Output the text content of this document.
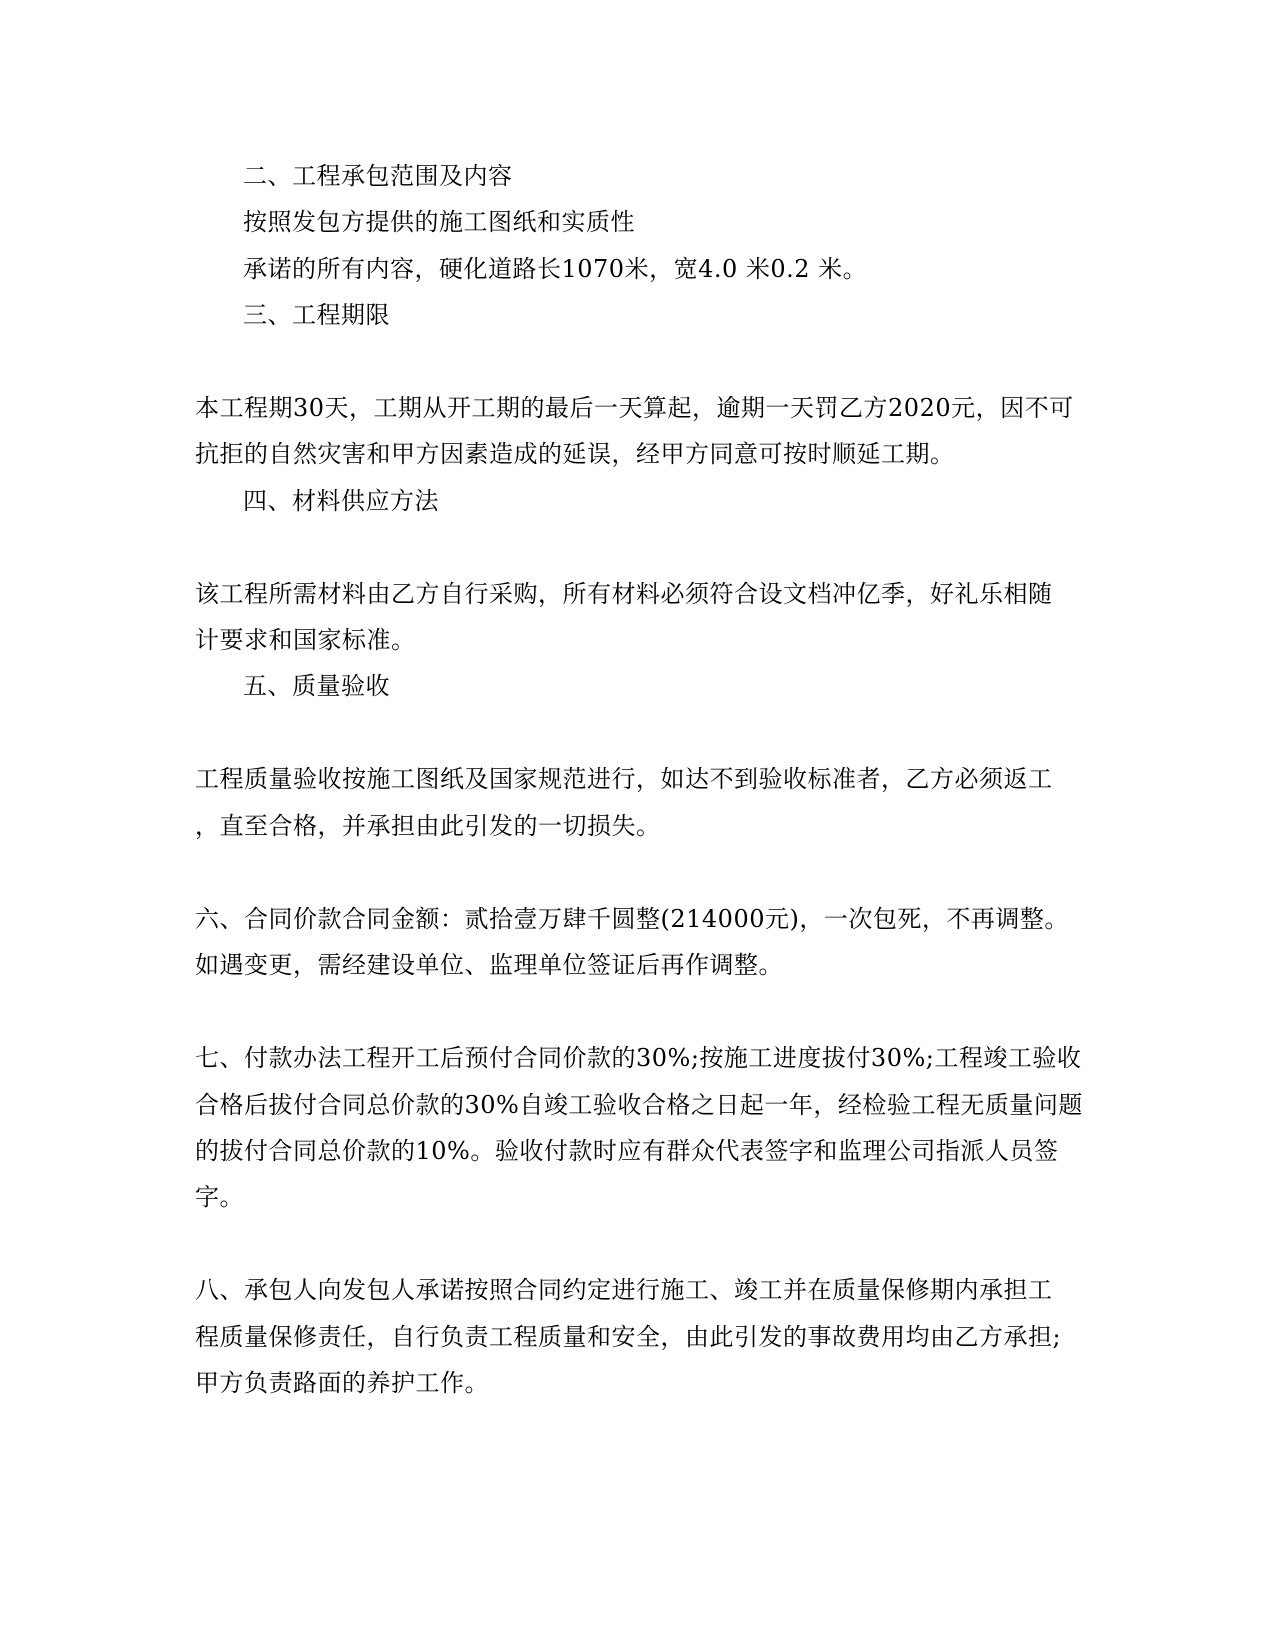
二、工程承包范围及内容
按照发包方提供的施工图纸和实质性
承诺的所有内容，硬化道路长1070米，宽4.0 米0.2 米。
三、工程期限
本工程期30天，工期从开工期的最后一天算起，逾期一天罚乙方2020元，因不可
抗拒的自然灾害和甲方因素造成的延误，经甲方同意可按时顺延工期。
四、材料供应方法
该工程所需材料由乙方自行采购，所有材料必须符合设文档冲亿季，好礼乐相随
计要求和国家标准。
五、质量验收
工程质量验收按施工图纸及国家规范进行，如达不到验收标准者，乙方必须返工
，直至合格，并承担由此引发的一切损失。
六、合同价款合同金额：贰拾壹万肆千圆整(214000元)，一次包死，不再调整。
如遇变更，需经建设单位、监理单位签证后再作调整。
七、付款办法工程开工后预付合同价款的30%;按施工进度拔付30%;工程竣工验收
合格后拔付合同总价款的30%自竣工验收合格之日起一年，经检验工程无质量问题
的拔付合同总价款的10%。验收付款时应有群众代表签字和监理公司指派人员签
字。
八、承包人向发包人承诺按照合同约定进行施工、竣工并在质量保修期内承担工
程质量保修责任，自行负责工程质量和安全，由此引发的事故费用均由乙方承担;
甲方负责路面的养护工作。
